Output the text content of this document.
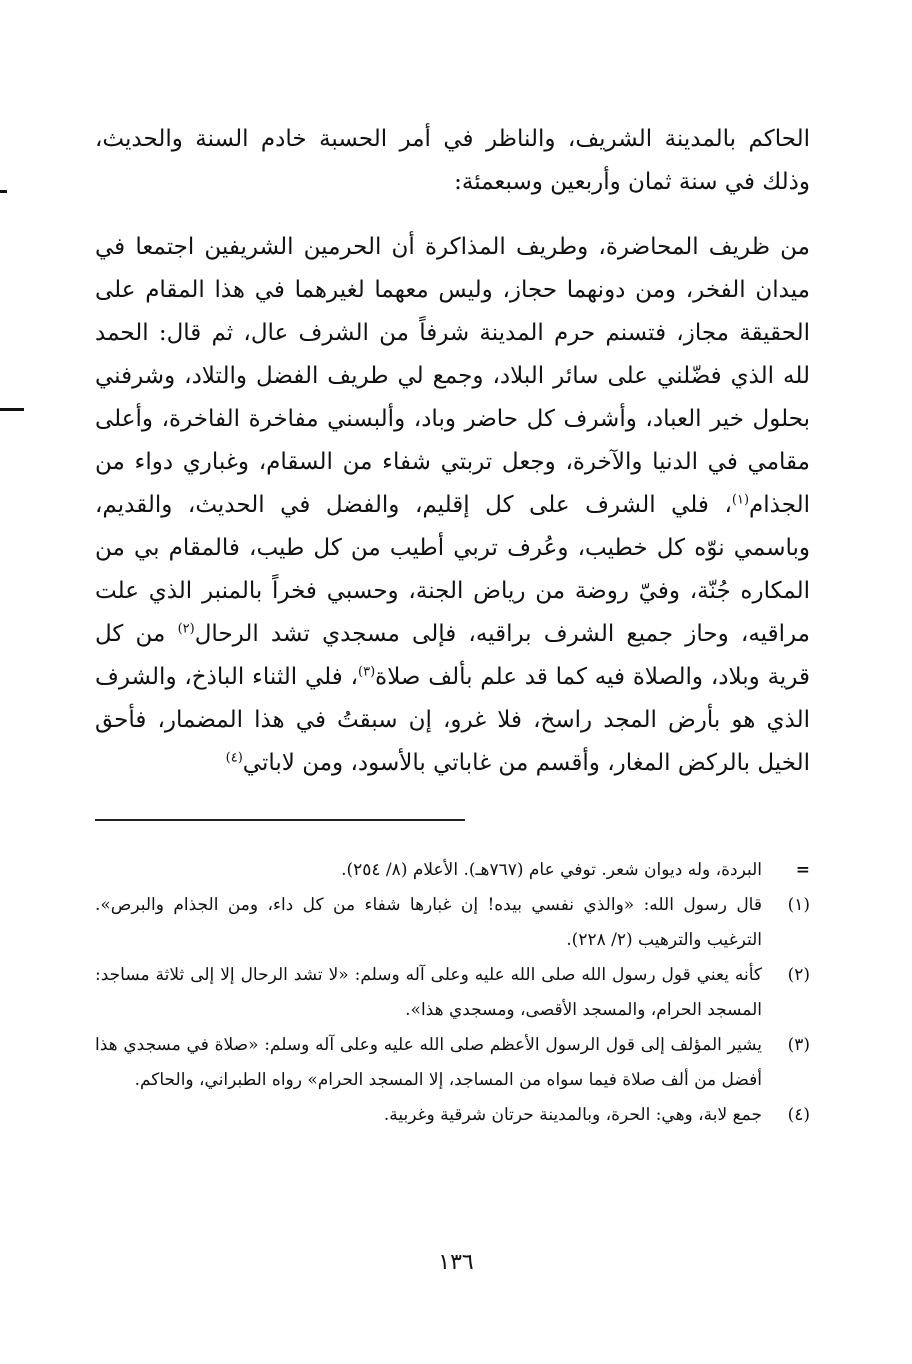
الحاكم بالمدينة الشريف، والناظر في أمر الحسبة خادم السنة والحديث، وذلك في سنة ثمان وأربعين وسبعمئة:

من ظريف المحاضرة، وطريف المذاكرة أن الحرمين الشريفين اجتمعا في ميدان الفخر، ومن دونهما حجاز، وليس معهما لغيرهما في هذا المقام على الحقيقة مجاز، فتسنم حرم المدينة شرفاً من الشرف عال، ثم قال: الحمد لله الذي فضّلني على سائر البلاد، وجمع لي طريف الفضل والتلاد، وشرفني بحلول خير العباد، وأشرف كل حاضر وباد، وألبسني مفاخرة الفاخرة، وأعلى مقامي في الدنيا والآخرة، وجعل تربتي شفاء من السقام، وغباري دواء من الجذام$^{(١)}$، فلي الشرف على كل إقليم، والفضل في الحديث، والقديم، وباسمي نوّه كل خطيب، وعُرف تربي أطيب من كل طيب، فالمقام بي من المكاره جُنّة، وفيّ روضة من رياض الجنة، وحسبي فخراً بالمنبر الذي علت مراقيه، وحاز جميع الشرف براقيه، فإلى مسجدي تشد الرحال$^{(٢)}$ من كل قرية وبلاد، والصلاة فيه كما قد علم بألف صلاة$^{(٣)}$، فلي الثناء الباذخ، والشرف الذي هو بأرض المجد راسخ، فلا غرو، إن سبقتُ في هذا المضمار، فأحق الخيل بالركض المغار، وأقسم من غاباتي بالأسود، ومن لاباتي$^{(٤)}$

=
البردة، وله ديوان شعر. توفي عام (٧٦٧هـ). الأعلام (٨/ ٢٥٤).
(١)
قال رسول الله: «والذي نفسي بيده! إن غبارها شفاء من كل داء، ومن الجذام والبرص». الترغيب والترهيب (٢/ ٢٢٨).
(٢)
كأنه يعني قول رسول الله صلى الله عليه وعلى آله وسلم: «لا تشد الرحال إلا إلى ثلاثة مساجد: المسجد الحرام، والمسجد الأقصى، ومسجدي هذا».
(٣)
يشير المؤلف إلى قول الرسول الأعظم صلى الله عليه وعلى آله وسلم: «صلاة في مسجدي هذا أفضل من ألف صلاة فيما سواه من المساجد، إلا المسجد الحرام» رواه الطبراني، والحاكم.
(٤)
جمع لابة، وهي: الحرة، وبالمدينة حرتان شرقية وغربية.
١٣٦
